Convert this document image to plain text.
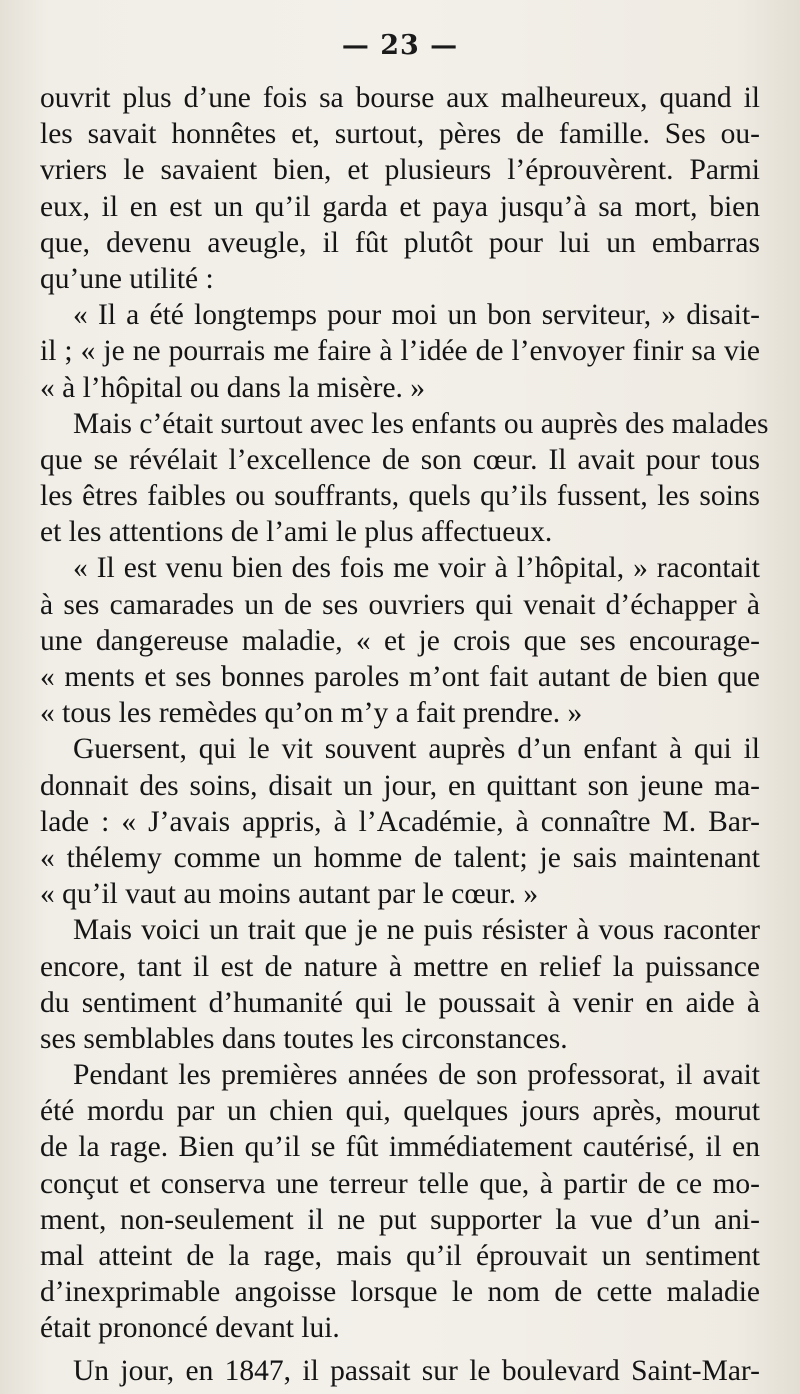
— 23 —
ouvrit plus d’une fois sa bourse aux malheureux, quand il
les savait honnêtes et, surtout, pères de famille. Ses ou-
vriers le savaient bien, et plusieurs l’éprouvèrent. Parmi
eux, il en est un qu’il garda et paya jusqu’à sa mort, bien
que, devenu aveugle, il fût plutôt pour lui un embarras
qu’une utilité :
« Il a été longtemps pour moi un bon serviteur, » disait-
il ; « je ne pourrais me faire à l’idée de l’envoyer finir sa vie
« à l’hôpital ou dans la misère. »
Mais c’était surtout avec les enfants ou auprès des malades
que se révélait l’excellence de son cœur. Il avait pour tous
les êtres faibles ou souffrants, quels qu’ils fussent, les soins
et les attentions de l’ami le plus affectueux.
« Il est venu bien des fois me voir à l’hôpital, » racontait
à ses camarades un de ses ouvriers qui venait d’échapper à
une dangereuse maladie, « et je crois que ses encourage-
« ments et ses bonnes paroles m’ont fait autant de bien que
« tous les remèdes qu’on m’y a fait prendre. »
Guersent, qui le vit souvent auprès d’un enfant à qui il
donnait des soins, disait un jour, en quittant son jeune ma-
lade : « J’avais appris, à l’Académie, à connaître M. Bar-
« thélemy comme un homme de talent; je sais maintenant
« qu’il vaut au moins autant par le cœur. »
Mais voici un trait que je ne puis résister à vous raconter
encore, tant il est de nature à mettre en relief la puissance
du sentiment d’humanité qui le poussait à venir en aide à
ses semblables dans toutes les circonstances.
Pendant les premières années de son professorat, il avait
été mordu par un chien qui, quelques jours après, mourut
de la rage. Bien qu’il se fût immédiatement cautérisé, il en
conçut et conserva une terreur telle que, à partir de ce mo-
ment, non-seulement il ne put supporter la vue d’un ani-
mal atteint de la rage, mais qu’il éprouvait un sentiment
d’inexprimable angoisse lorsque le nom de cette maladie
était prononcé devant lui.
Un jour, en 1847, il passait sur le boulevard Saint-Mar-
